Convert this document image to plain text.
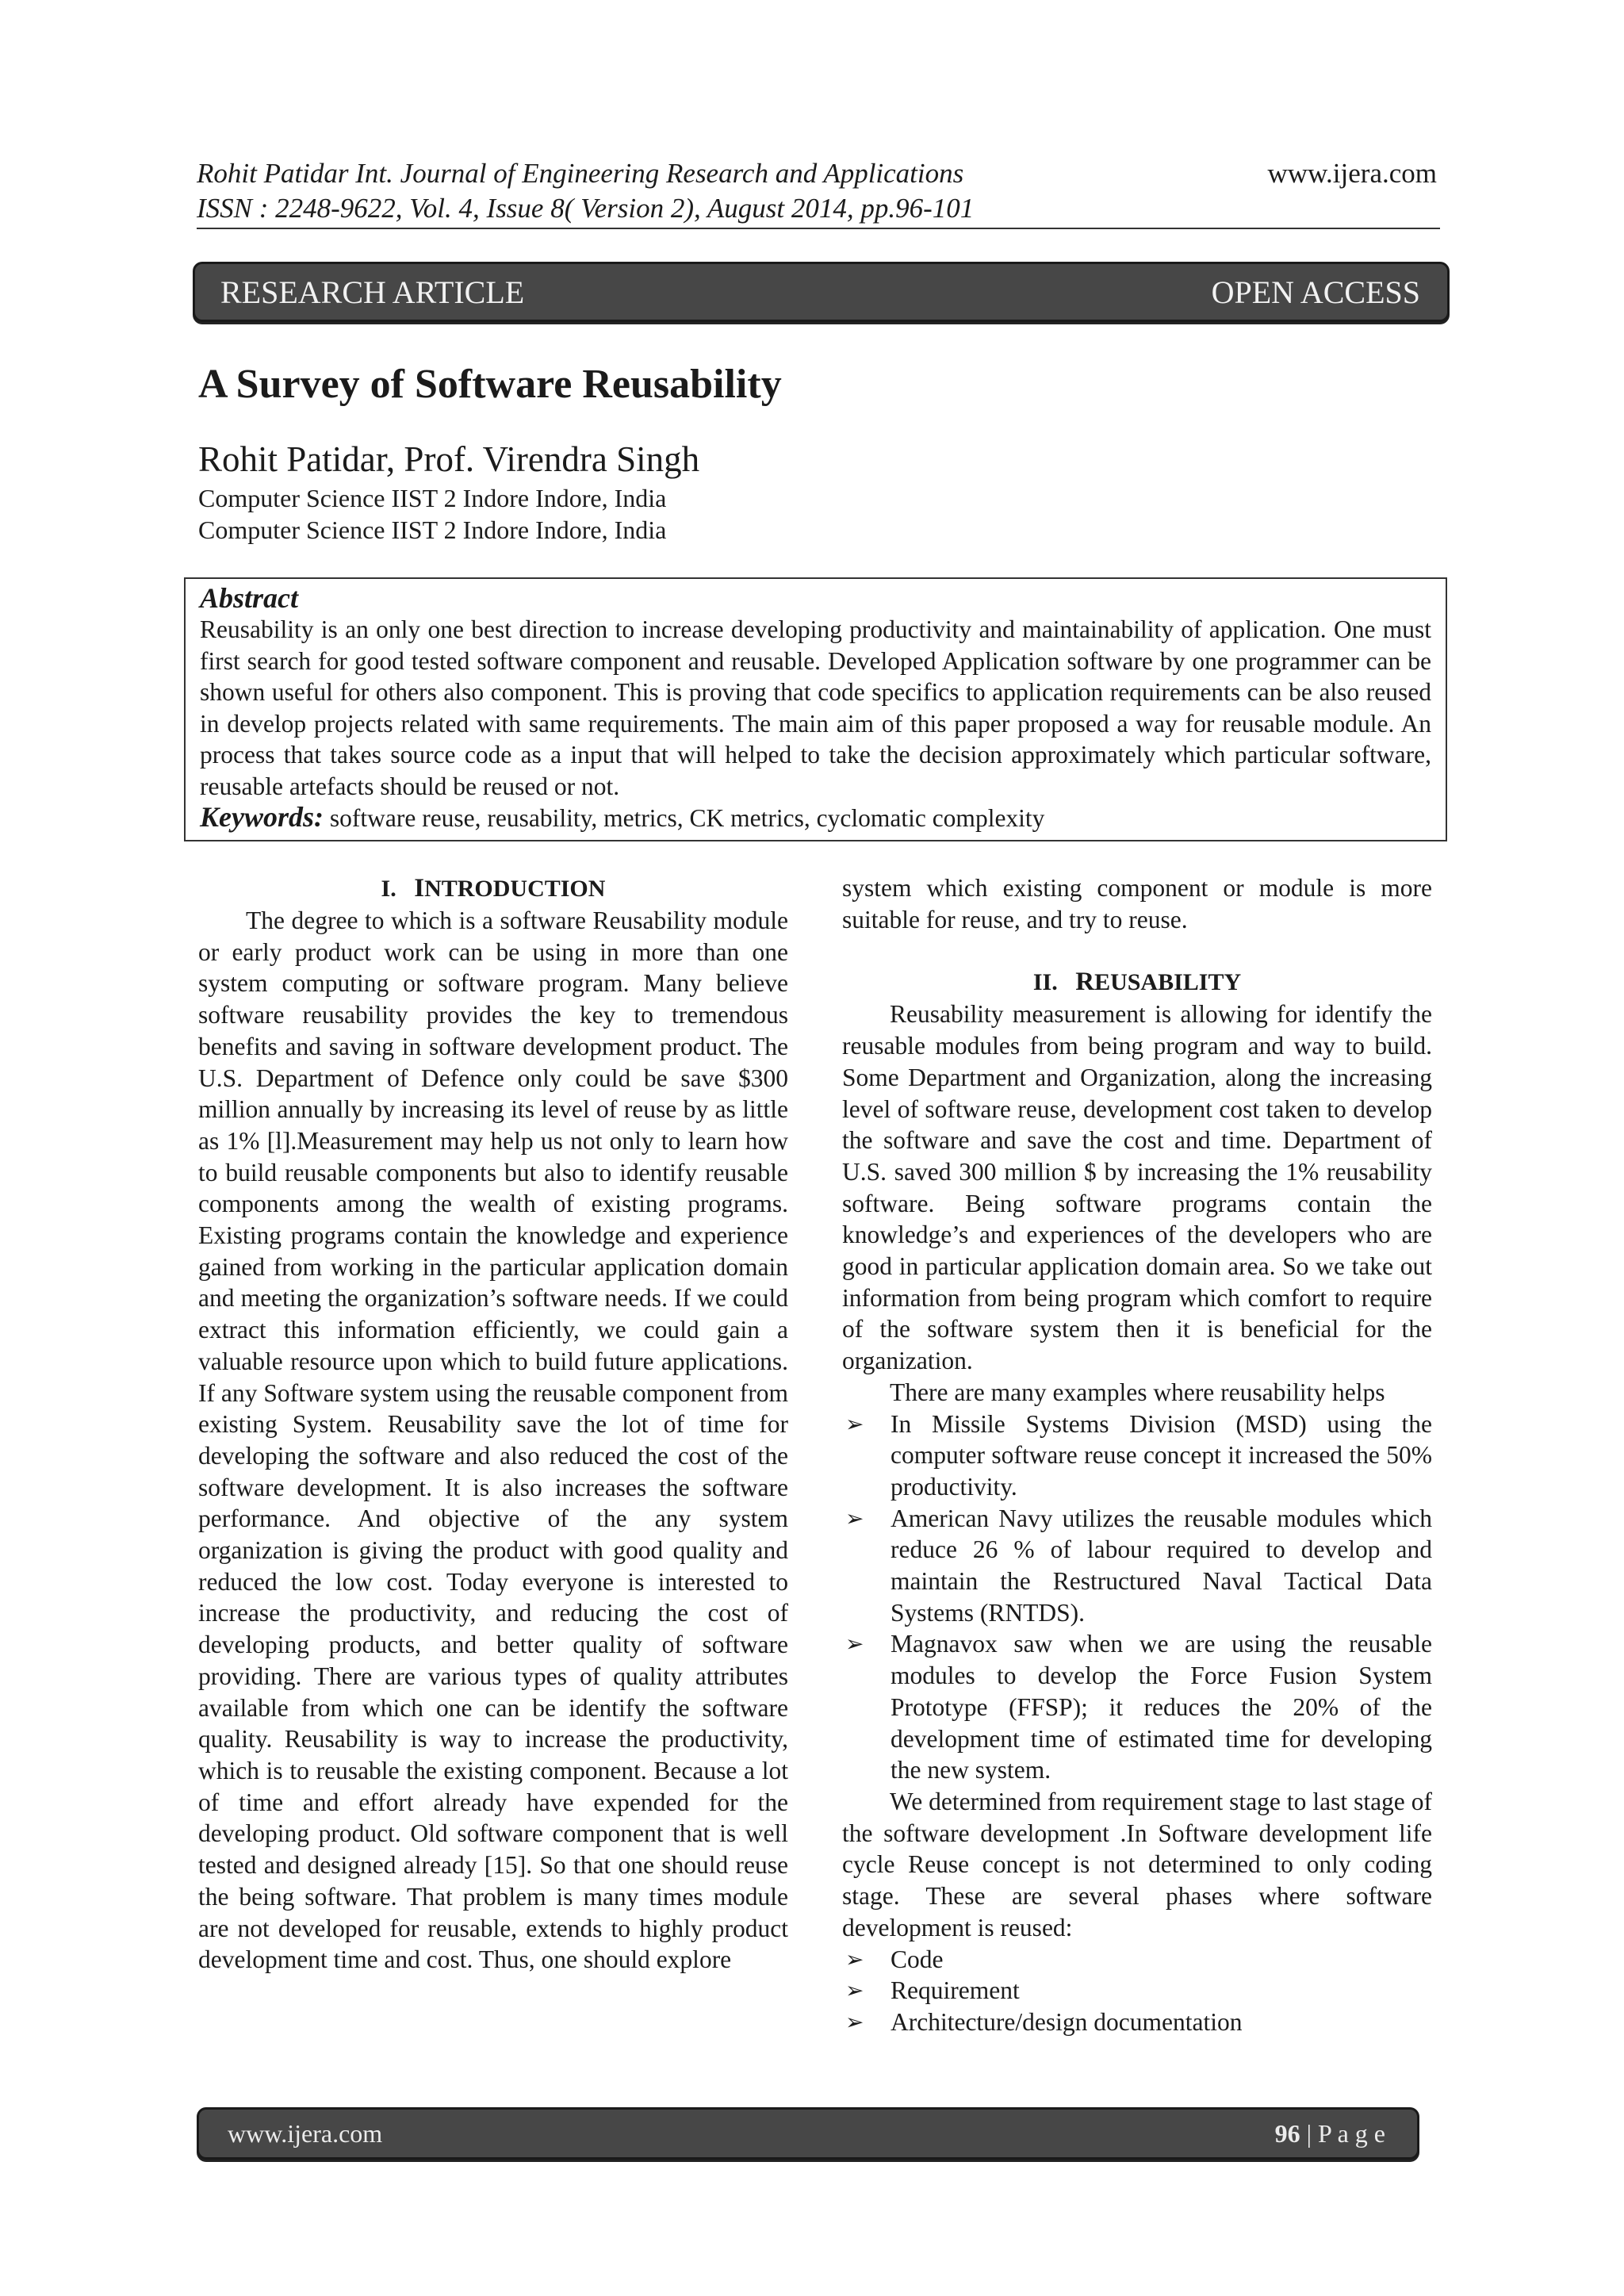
Rohit Patidar Int. Journal of Engineering Research and Applications
ISSN : 2248-9622, Vol. 4, Issue 8( Version 2), August 2014, pp.96-101
www.ijera.com
RESEARCH ARTICLE	OPEN ACCESS
A Survey of Software Reusability
Rohit Patidar, Prof. Virendra Singh
Computer Science IIST 2 Indore Indore, India
Computer Science IIST 2 Indore Indore, India
Abstract
Reusability is an only one best direction to increase developing productivity and maintainability of application. One must first search for good tested software component and reusable. Developed Application software by one programmer can be shown useful for others also component. This is proving that code specifics to application requirements can be also reused in develop projects related with same requirements. The main aim of this paper proposed a way for reusable module. An process that takes source code as a input that will helped to take the decision approximately which particular software, reusable artefacts should be reused or not.
Keywords: software reuse, reusability, metrics, CK metrics, cyclomatic complexity

I. INTRODUCTION

The degree to which is a software Reusability module or early product work can be using in more than one system computing or software program. Many believe software reusability provides the key to tremendous benefits and saving in software development product. The U.S. Department of Defence only could be save $300 million annually by increasing its level of reuse by as little as 1% [l].Measurement may help us not only to learn how to build reusable components but also to identify reusable components among the wealth of existing programs. Existing programs contain the knowledge and experience gained from working in the particular application domain and meeting the organization’s software needs. If we could extract this information efficiently, we could gain a valuable resource upon which to build future applications. If any Software system using the reusable component from existing System. Reusability save the lot of time for developing the software and also reduced the cost of the software development. It is also increases the software performance. And objective of the any system organization is giving the product with good quality and reduced the low cost. Today everyone is interested to increase the productivity, and reducing the cost of developing products, and better quality of software providing. There are various types of quality attributes available from which one can be identify the software quality. Reusability is way to increase the productivity, which is to reusable the existing component. Because a lot of time and effort already have expended for the developing product. Old software component that is well tested and designed already [15]. So that one should reuse the being software. That problem is many times module are not developed for reusable, extends to highly product development time and cost. Thus, one should explore

system which existing component or module is more suitable for reuse, and try to reuse.

II. REUSABILITY

Reusability measurement is allowing for identify the reusable modules from being program and way to build. Some Department and Organization, along the increasing level of software reuse, development cost taken to develop the software and save the cost and time. Department of U.S. saved 300 million $ by increasing the 1% reusability software. Being software programs contain the knowledge’s and experiences of the developers who are good in particular application domain area. So we take out information from being program which comfort to require of the software system then it is beneficial for the organization.

There are many examples where reusability helps

➢ In Missile Systems Division (MSD) using the computer software reuse concept it increased the 50% productivity.
➢ American Navy utilizes the reusable modules which reduce 26 % of labour required to develop and maintain the Restructured Naval Tactical Data Systems (RNTDS).
➢ Magnavox saw when we are using the reusable modules to develop the Force Fusion System Prototype (FFSP); it reduces the 20% of the development time of estimated time for developing the new system.

We determined from requirement stage to last stage of the software development .In Software development life cycle Reuse concept is not determined to only coding stage. These are several phases where software development is reused:

➢ Code
➢ Requirement
➢ Architecture/design documentation
www.ijera.com	96 | P a g e
